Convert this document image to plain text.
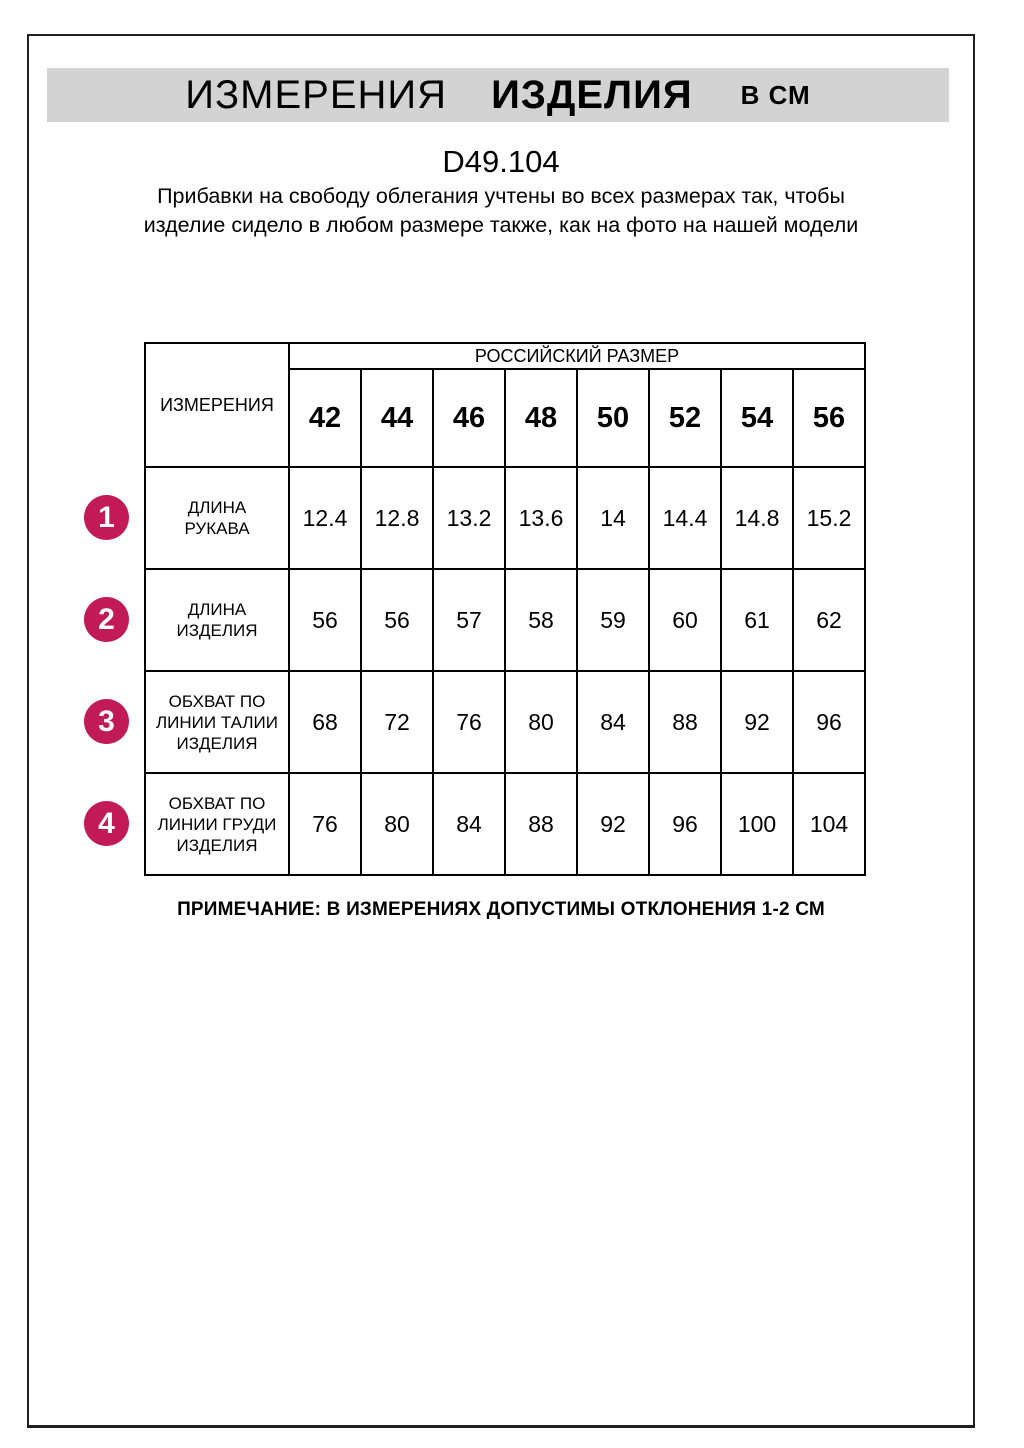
ИЗМЕРЕНИЯ ИЗДЕЛИЯ В СМ
D49.104
Прибавки на свободу облегания учтены во всех размерах так, чтобы изделие сидело в любом размере также, как на фото на нашей модели
ИЗМЕРЕНИЯ	РОССИЙСКИЙ РАЗМЕР							
	42	44	46	48	50	52	54	56
ДЛИНА РУКАВА	12.4	12.8	13.2	13.6	14	14.4	14.8	15.2
ДЛИНА ИЗДЕЛИЯ	56	56	57	58	59	60	61	62
ОБХВАТ ПО ЛИНИИ ТАЛИИ ИЗДЕЛИЯ	68	72	76	80	84	88	92	96
ОБХВАТ ПО ЛИНИИ ГРУДИ ИЗДЕЛИЯ	76	80	84	88	92	96	100	104
1
2
3
4
ПРИМЕЧАНИЕ: В ИЗМЕРЕНИЯХ ДОПУСТИМЫ ОТКЛОНЕНИЯ 1-2 СМ
